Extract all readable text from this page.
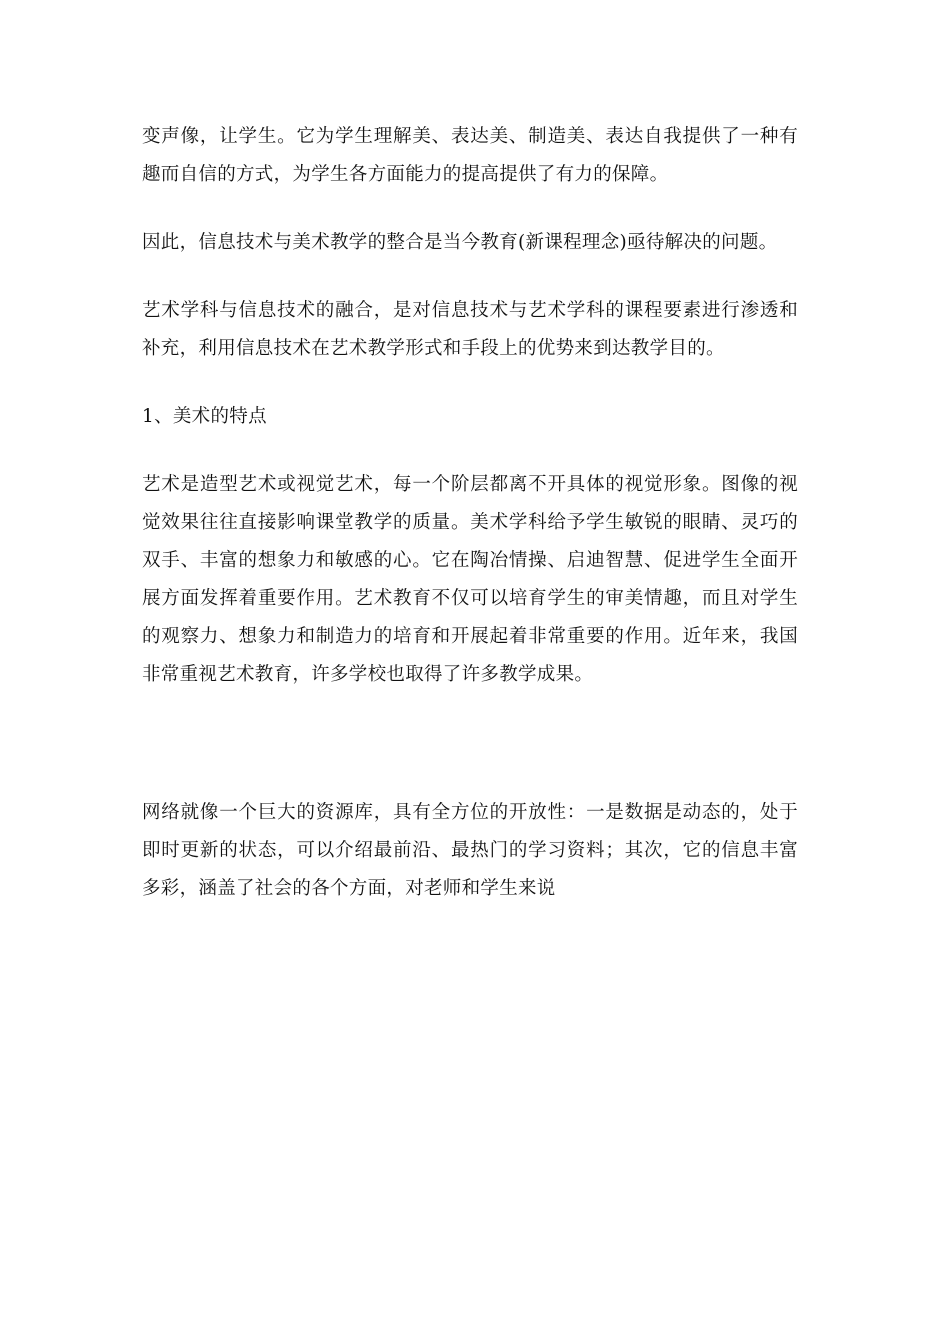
变声像，让学生。它为学生理解美、表达美、制造美、表达自我提供了一种有趣而自信的方式，为学生各方面能力的提高提供了有力的保障。

因此，信息技术与美术教学的整合是当今教育(新课程理念)亟待解决的问题。

艺术学科与信息技术的融合，是对信息技术与艺术学科的课程要素进行渗透和补充，利用信息技术在艺术教学形式和手段上的优势来到达教学目的。

1、美术的特点

艺术是造型艺术或视觉艺术，每一个阶层都离不开具体的视觉形象。图像的视觉效果往往直接影响课堂教学的质量。美术学科给予学生敏锐的眼睛、灵巧的双手、丰富的想象力和敏感的心。它在陶冶情操、启迪智慧、促进学生全面开展方面发挥着重要作用。艺术教育不仅可以培育学生的审美情趣，而且对学生的观察力、想象力和制造力的培育和开展起着非常重要的作用。近年来，我国非常重视艺术教育，许多学校也取得了许多教学成果。

网络就像一个巨大的资源库，具有全方位的开放性：一是数据是动态的，处于即时更新的状态，可以介绍最前沿、最热门的学习资料；其次，它的信息丰富多彩，涵盖了社会的各个方面，对老师和学生来说
